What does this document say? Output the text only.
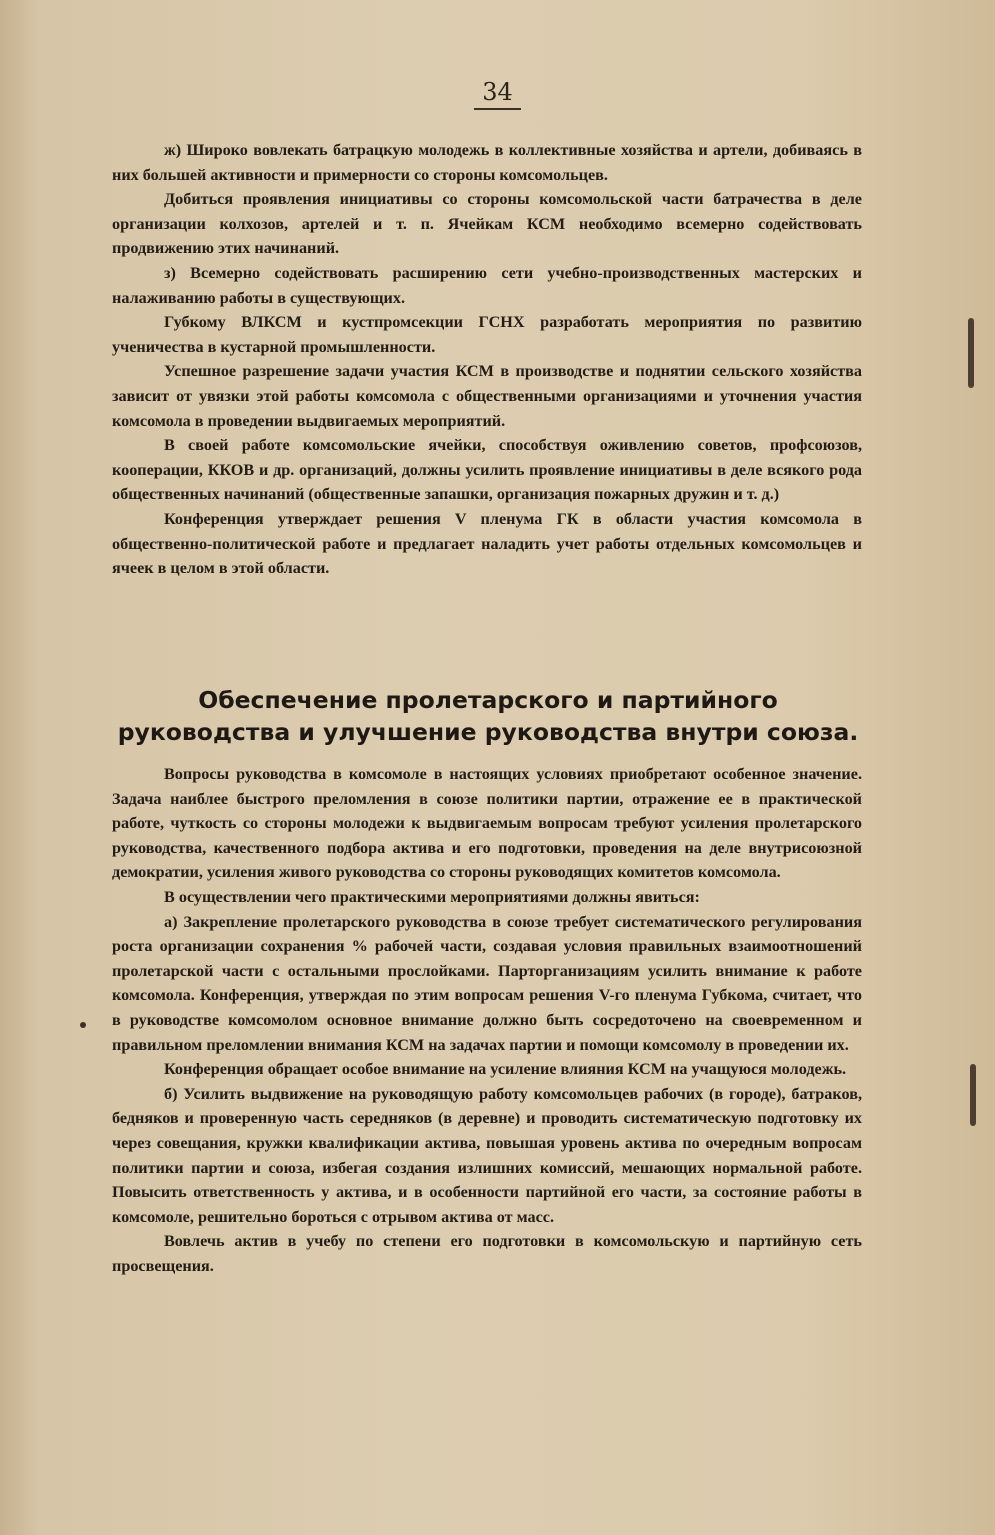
34

ж) Широко вовлекать батрацкую молодежь в коллективные хозяйства и артели, добиваясь в них большей активности и примерности со стороны комсомольцев.

Добиться проявления инициативы со стороны комсомольской части батрачества в деле организации колхозов, артелей и т. п. Ячейкам КСМ необходимо всемерно содействовать продвижению этих начинаний.

з) Всемерно содействовать расширению сети учебно-производственных мастерских и налаживанию работы в существующих.

Губкому ВЛКСМ и кустпромсекции ГСНХ разработать мероприятия по развитию ученичества в кустарной промышленности.

Успешное разрешение задачи участия КСМ в производстве и поднятии сельского хозяйства зависит от увязки этой работы комсомола с общественными организациями и уточнения участия комсомола в проведении выдвигаемых мероприятий.

В своей работе комсомольские ячейки, способствуя оживлению советов, профсоюзов, кооперации, ККОВ и др. организаций, должны усилить проявление инициативы в деле всякого рода общественных начинаний (общественные запашки, организация пожарных дружин и т. д.)

Конференция утверждает решения V пленума ГК в области участия комсомола в общественно-политической работе и предлагает наладить учет работы отдельных комсомольцев и ячеек в целом в этой области.

Обеспечение пролетарского и партийного руководства и улучшение руководства внутри союза.

Вопросы руководства в комсомоле в настоящих условиях приобретают особенное значение. Задача наиблее быстрого преломления в союзе политики партии, отражение ее в практической работе, чуткость со стороны молодежи к выдвигаемым вопросам требуют усиления пролетарского руководства, качественного подбора актива и его подготовки, проведения на деле внутрисоюзной демократии, усиления живого руководства со стороны руководящих комитетов комсомола.

В осуществлении чего практическими мероприятиями должны явиться:

а) Закрепление пролетарского руководства в союзе требует систематического регулирования роста организации сохранения % рабочей части, создавая условия правильных взаимоотношений пролетарской части с остальными прослойками. Парторганизациям усилить внимание к работе комсомола. Конференция, утверждая по этим вопросам решения V-го пленума Губкома, считает, что в руководстве комсомолом основное внимание должно быть сосредоточено на своевременном и правильном преломлении внимания КСМ на задачах партии и помощи комсомолу в проведении их.

Конференция обращает особое внимание на усиление влияния КСМ на учащуюся молодежь.

б) Усилить выдвижение на руководящую работу комсомольцев рабочих (в городе), батраков, бедняков и проверенную часть середняков (в деревне) и проводить систематическую подготовку их через совещания, кружки квалификации актива, повышая уровень актива по очередным вопросам политики партии и союза, избегая создания излишних комиссий, мешающих нормальной работе. Повысить ответственность у актива, и в особенности партийной его части, за состояние работы в комсомоле, решительно бороться с отрывом актива от масс.

Вовлечь актив в учебу по степени его подготовки в комсомольскую и партийную сеть просвещения.
